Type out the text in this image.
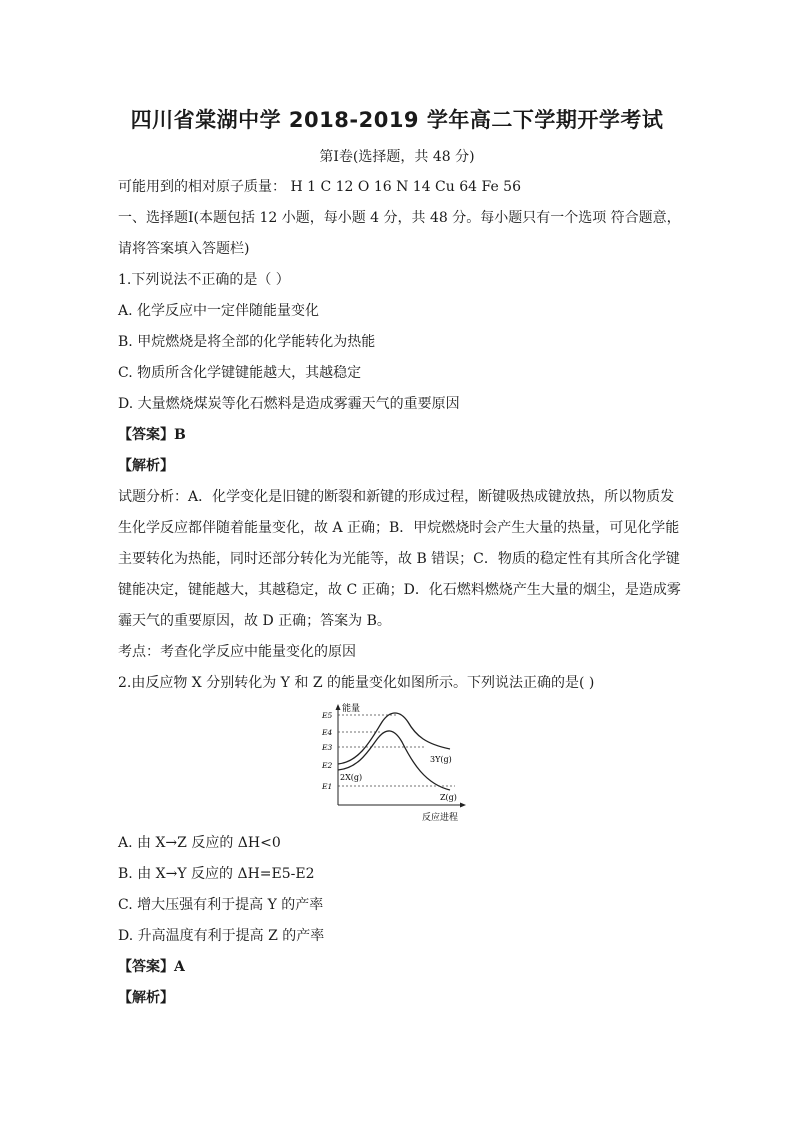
四川省棠湖中学 2018-2019 学年高二下学期开学考试
第Ⅰ卷(选择题，共 48 分)
可能用到的相对原子质量： H 1 C 12 O 16 N 14 Cu 64 Fe 56
一、选择题Ⅰ(本题包括 12 小题，每小题 4 分，共 48 分。每小题只有一个选项 符合题意，
请将答案填入答题栏)
1.下列说法不正确的是（ ）
A. 化学反应中一定伴随能量变化
B. 甲烷燃烧是将全部的化学能转化为热能
C. 物质所含化学键键能越大，其越稳定
D. 大量燃烧煤炭等化石燃料是造成雾霾天气的重要原因
【答案】B
【解析】
试题分析：A．化学变化是旧键的断裂和新键的形成过程，断键吸热成键放热，所以物质发
生化学反应都伴随着能量变化，故 A 正确；B．甲烷燃烧时会产生大量的热量，可见化学能
主要转化为热能，同时还部分转化为光能等，故 B 错误；C．物质的稳定性有其所含化学键
键能决定，键能越大，其越稳定，故 C 正确；D．化石燃料燃烧产生大量的烟尘，是造成雾
霾天气的重要原因，故 D 正确；答案为 B。
考点：考查化学反应中能量变化的原因
2.由反应物 X 分别转化为 Y 和 Z 的能量变化如图所示。下列说法正确的是( )
能量
E5
E4
E3
E2
E1
2X(g)
3Y(g)
Z(g)
反应进程
A. 由 X→Z 反应的 ΔH<0
B. 由 X→Y 反应的 ΔH=E5-E2
C. 增大压强有利于提高 Y 的产率
D. 升高温度有利于提高 Z 的产率
【答案】A
【解析】
